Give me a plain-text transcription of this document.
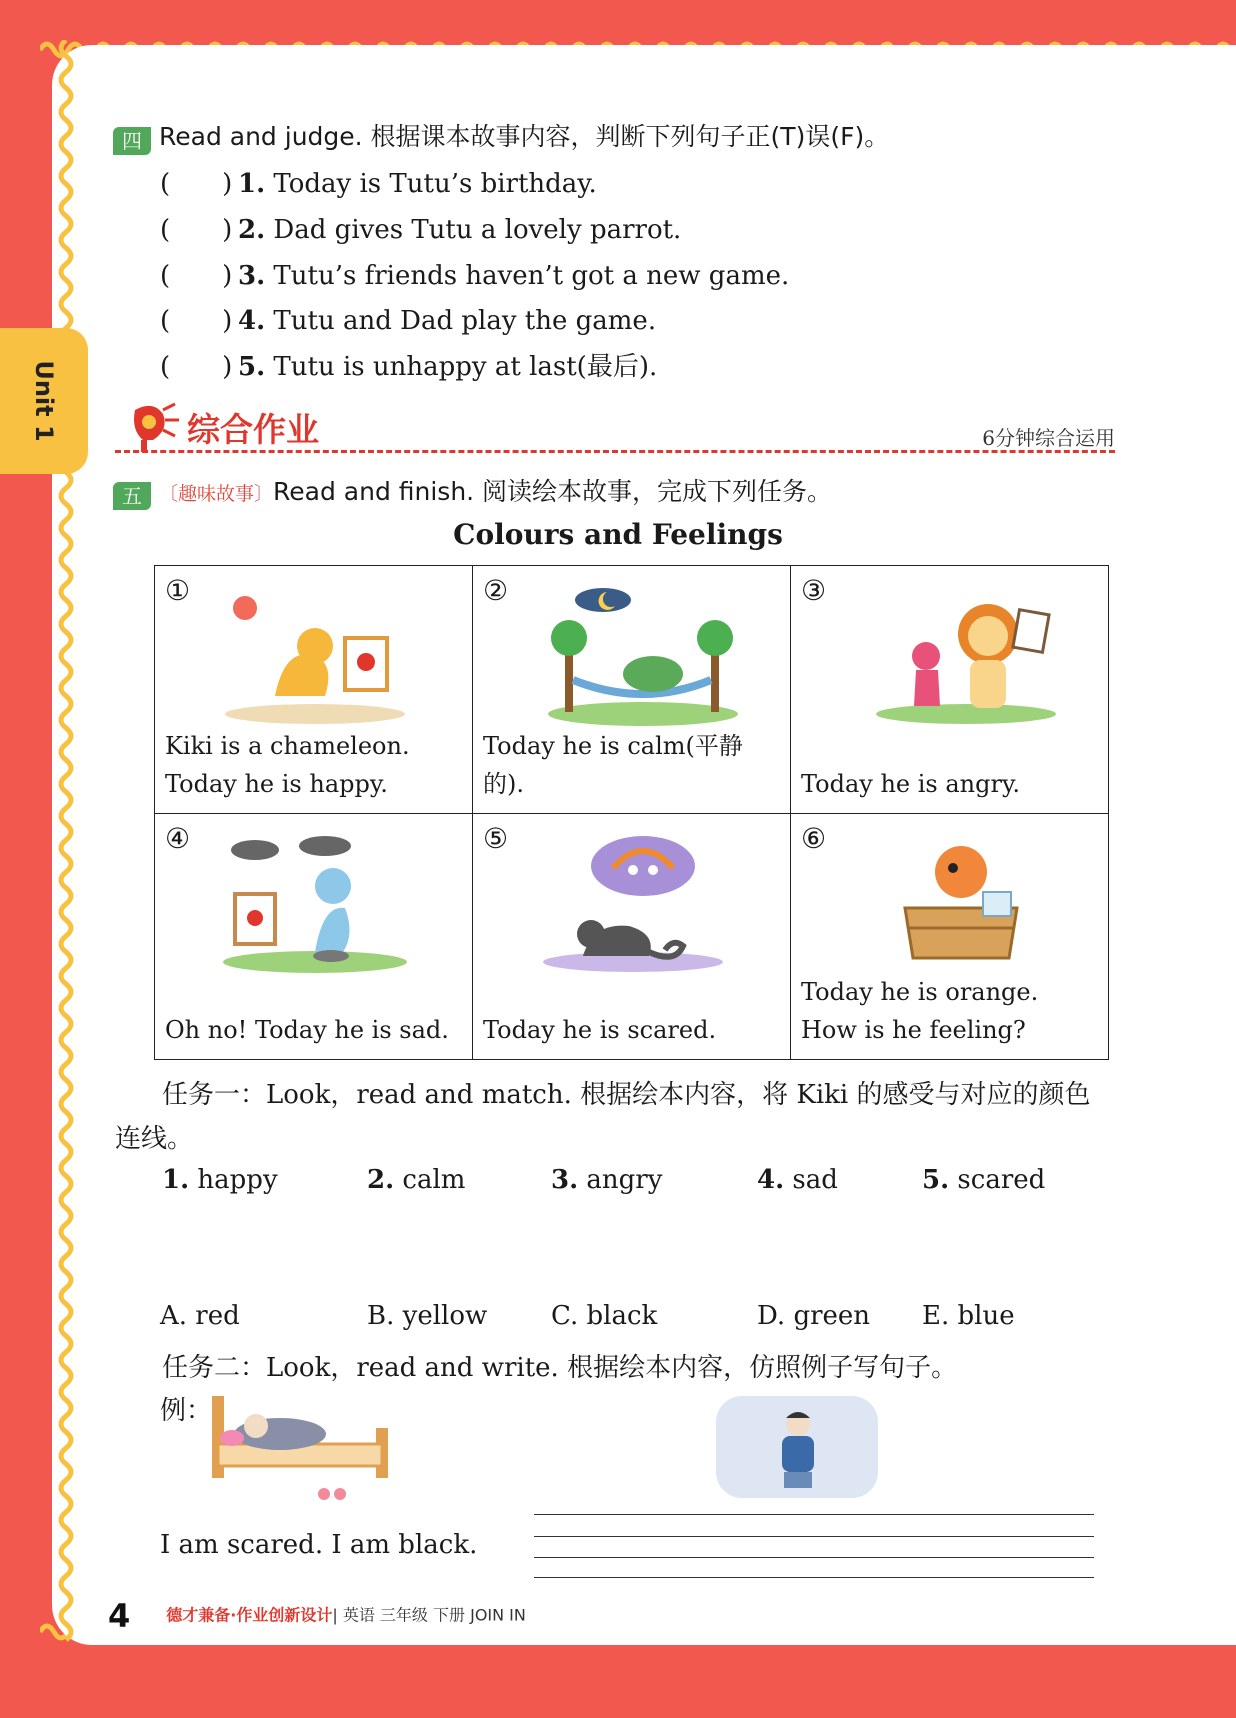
Unit 1
四 Read and judge. 根据课本故事内容，判断下列句子正(T)误(F)。
(　　) 1. Today is Tutu’s birthday.
(　　) 2. Dad gives Tutu a lovely parrot.
(　　) 3. Tutu’s friends haven’t got a new game.
(　　) 4. Tutu and Dad play the game.
(　　) 5. Tutu is unhappy at last(最后).
综合作业	6分钟综合运用
五 〔趣味故事〕Read and finish. 阅读绘本故事，完成下列任务。
Colours and Feelings
①
Kiki is a chameleon. Today he is happy.	②
Today he is calm(平静的).	③
Today he is angry.

④
Oh no! Today he is sad.	⑤
Today he is scared.	⑥
Today he is orange. How is he feeling?
任务一：Look，read and match. 根据绘本内容，将 Kiki 的感受与对应的颜色
连线。
1. happy	2. calm	3. angry	4. sad	5. scared
A. red	B. yellow C. black	D. green E. blue
任务二：Look，read and write. 根据绘本内容，仿照例子写句子。
例：
I am scared. I am black.
4 德才兼备·作业创新设计| 英语 三年级 下册 JOIN IN
